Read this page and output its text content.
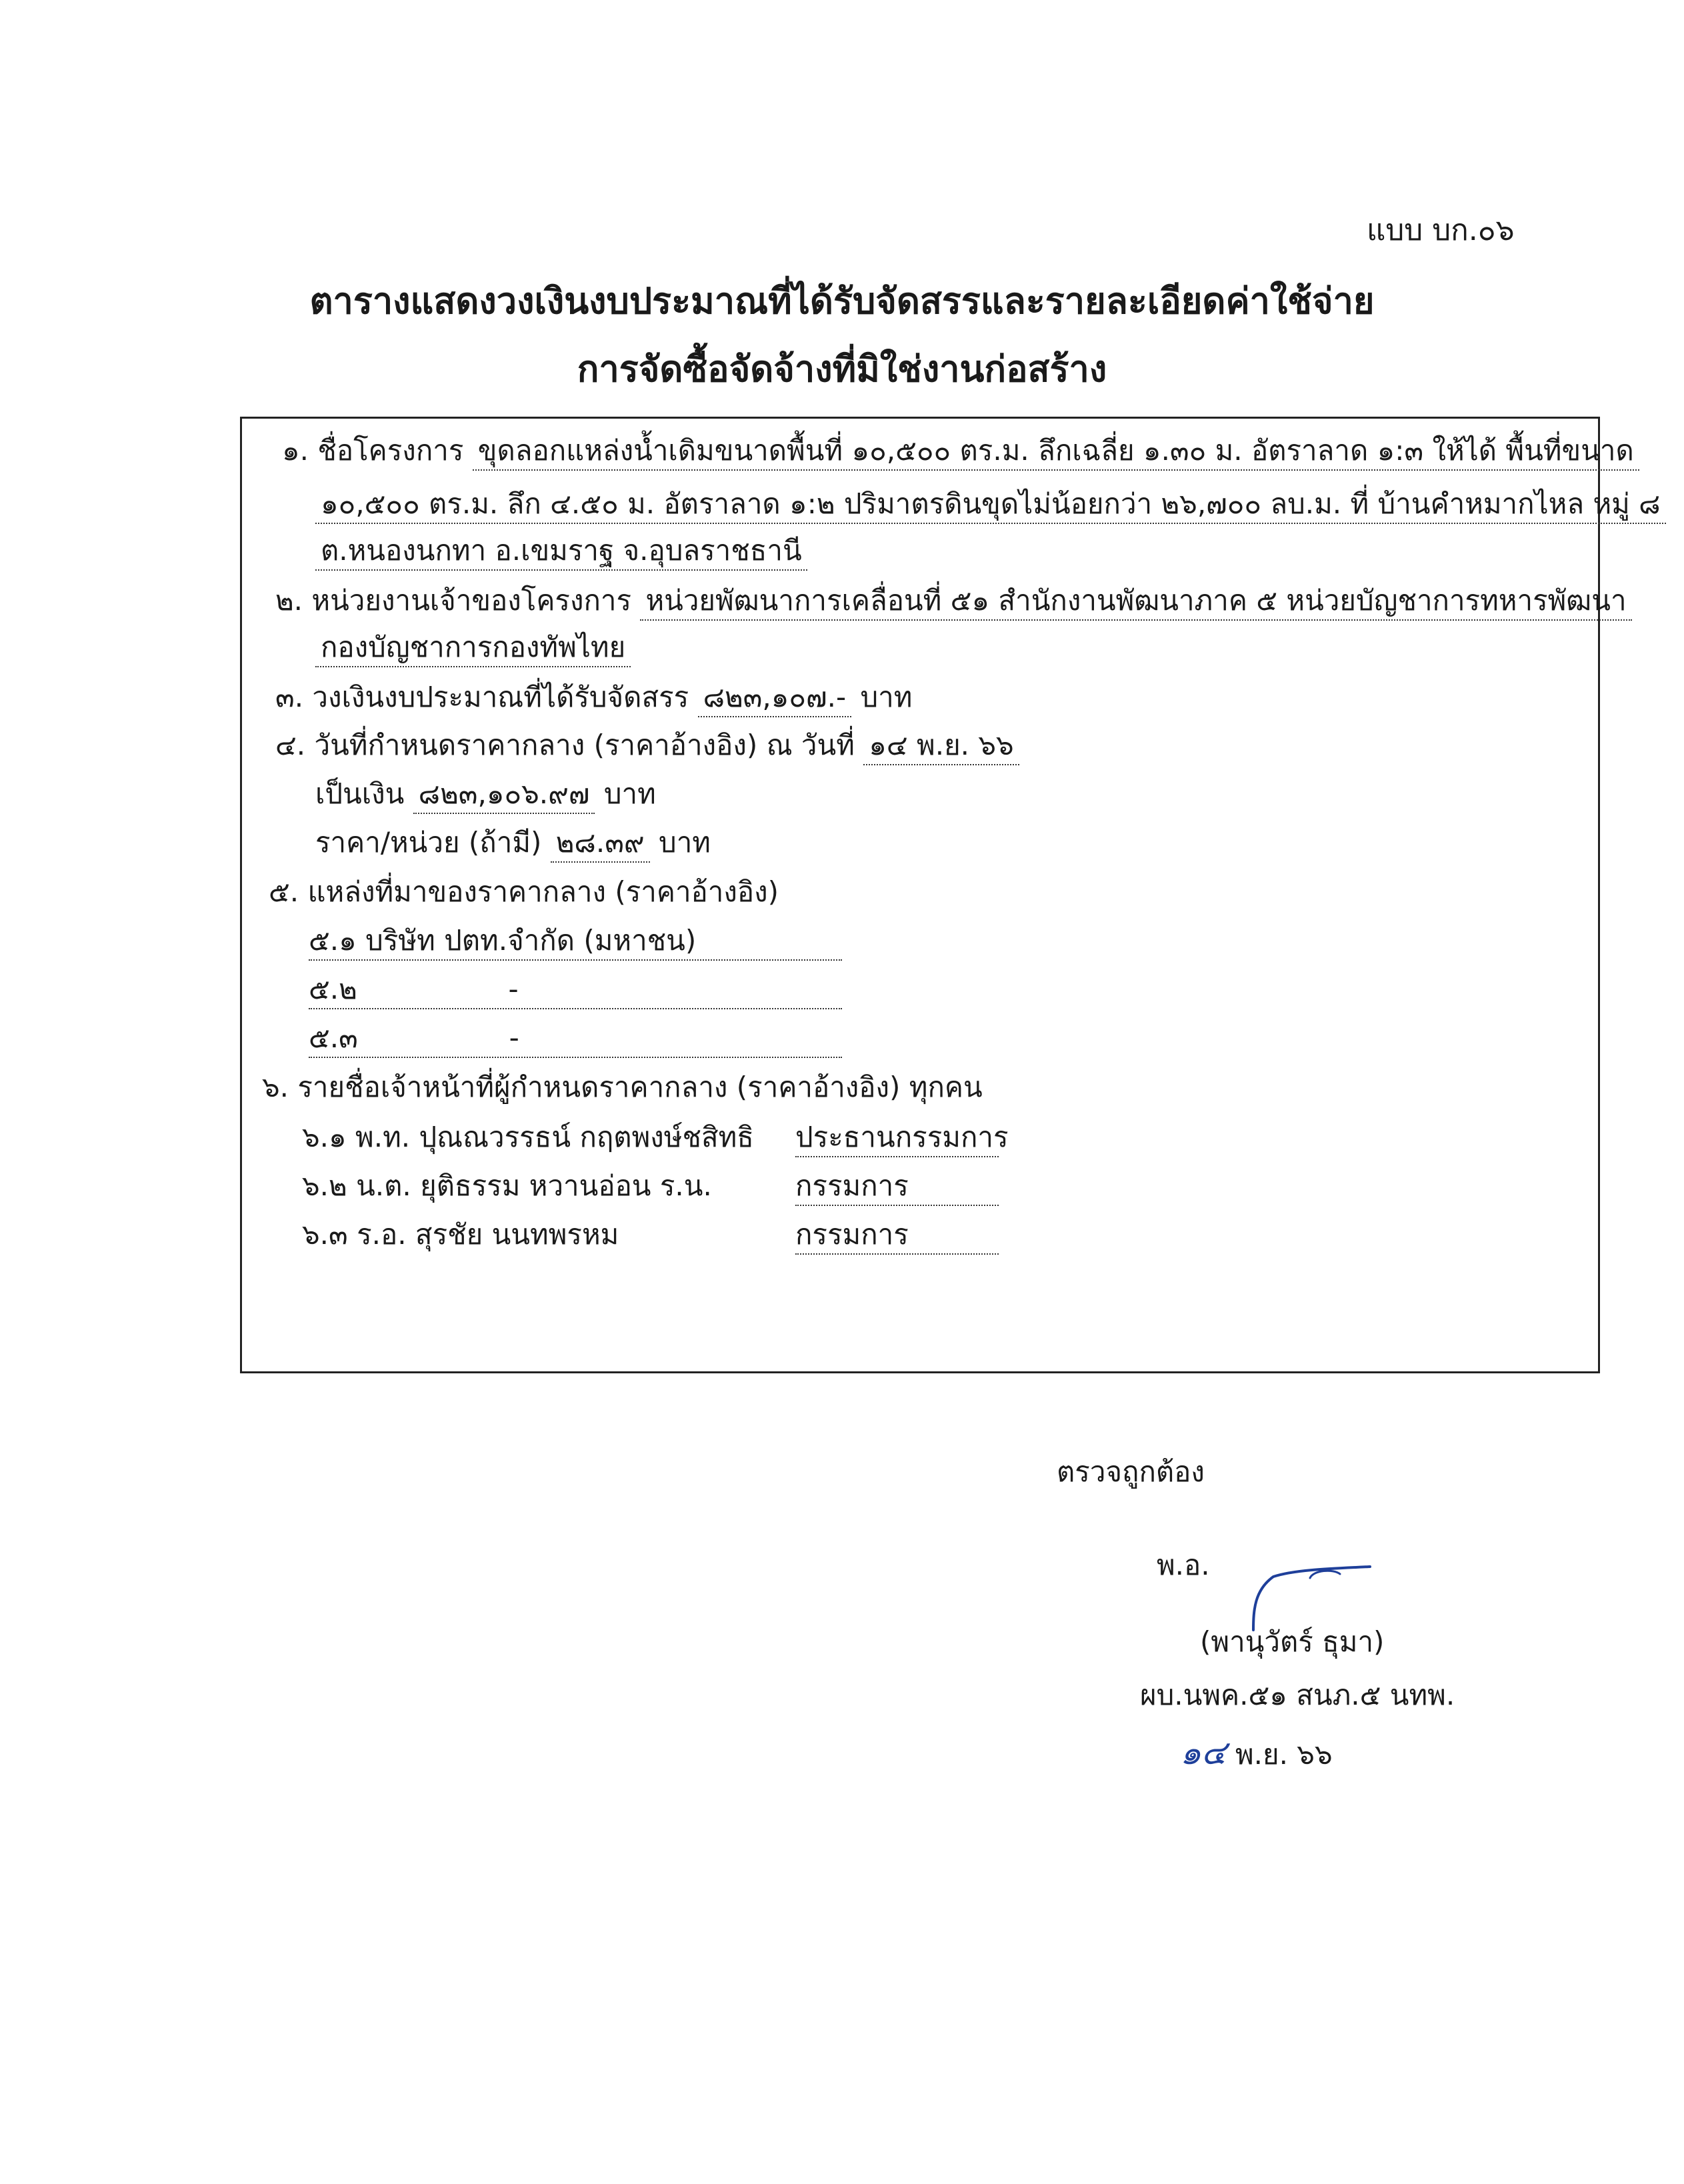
แบบ บก.๐๖
ตารางแสดงวงเงินงบประมาณที่ได้รับจัดสรรและรายละเอียดค่าใช้จ่าย
การจัดซื้อจัดจ้างที่มิใช่งานก่อสร้าง
๑. ชื่อโครงการ ขุดลอกแหล่งน้ำเดิมขนาดพื้นที่ ๑๐,๕๐๐ ตร.ม. ลึกเฉลี่ย ๑.๓๐ ม. อัตราลาด ๑:๓ ให้ได้ พื้นที่ขนาด
๑๐,๕๐๐ ตร.ม. ลึก ๔.๕๐ ม. อัตราลาด ๑:๒ ปริมาตรดินขุดไม่น้อยกว่า ๒๖,๗๐๐ ลบ.ม. ที่ บ้านคำหมากไหล หมู่ ๘
ต.หนองนกทา อ.เขมราฐ จ.อุบลราชธานี
๒. หน่วยงานเจ้าของโครงการ หน่วยพัฒนาการเคลื่อนที่ ๕๑ สำนักงานพัฒนาภาค ๕ หน่วยบัญชาการทหารพัฒนา
กองบัญชาการกองทัพไทย
๓. วงเงินงบประมาณที่ได้รับจัดสรร ๘๒๓,๑๐๗.- บาท
๔. วันที่กำหนดราคากลาง (ราคาอ้างอิง) ณ วันที่ ๑๔ พ.ย. ๖๖
เป็นเงิน ๘๒๓,๑๐๖.๙๗ บาท
ราคา/หน่วย (ถ้ามี) ๒๘.๓๙ บาท
๕. แหล่งที่มาของราคากลาง (ราคาอ้างอิง)
๕.๑ บริษัท ปตท.จำกัด (มหาชน)
๕.๒	-
๕.๓	-
๖. รายชื่อเจ้าหน้าที่ผู้กำหนดราคากลาง (ราคาอ้างอิง) ทุกคน
๖.๑ พ.ท. ปุณณวรรธน์ กฤตพงษ์ชสิทธิ ประธานกรรมการ
๖.๒ น.ต. ยุติธรรม หวานอ่อน ร.น.	กรรมการ
๖.๓ ร.อ. สุรชัย นนทพรหม	กรรมการ
ตรวจถูกต้อง
พ.อ.
(พานุวัตร์ ธุมา)
ผบ.นพค.๕๑ สนภ.๕ นทพ.
๑๔ พ.ย. ๖๖
